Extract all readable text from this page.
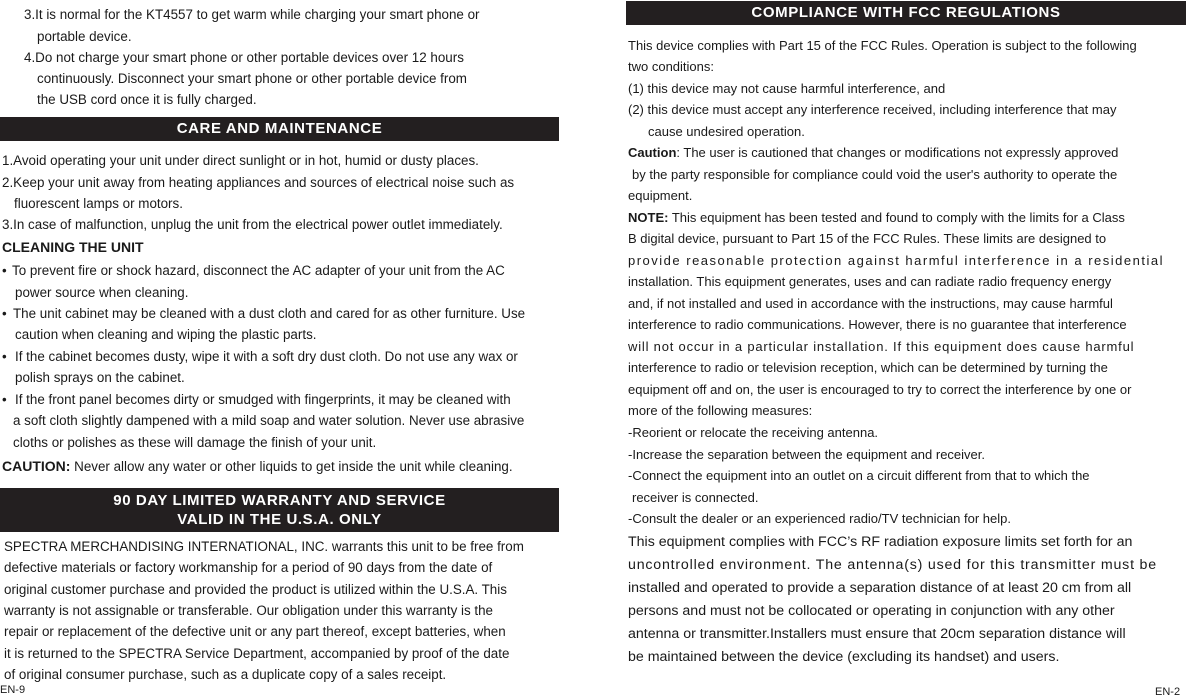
3.It is normal for the KT4557 to get warm while charging your smart phone or
portable device.
4.Do not charge your smart phone or other portable devices over 12 hours
continuously. Disconnect your smart phone or other portable device from
the USB cord once it is fully charged.
CARE AND MAINTENANCE
1.Avoid operating your unit under direct sunlight or in hot, humid or dusty places.
2.Keep your unit away from heating appliances and sources of electrical noise such as
fluorescent lamps or motors.
3.In case of malfunction, unplug the unit from the electrical power outlet immediately.
CLEANING THE UNIT
• To prevent fire or shock hazard, disconnect the AC adapter of your unit from the AC
power source when cleaning.
• The unit cabinet may be cleaned with a dust cloth and cared for as other furniture. Use
caution when cleaning and wiping the plastic parts.
• If the cabinet becomes dusty, wipe it with a soft dry dust cloth. Do not use any wax or
polish sprays on the cabinet.
• If the front panel becomes dirty or smudged with fingerprints, it may be cleaned with
a soft cloth slightly dampened with a mild soap and water solution. Never use abrasive
cloths or polishes as these will damage the finish of your unit.
CAUTION: Never allow any water or other liquids to get inside the unit while cleaning.
90 DAY LIMITED WARRANTY AND SERVICE
VALID IN THE U.S.A. ONLY
SPECTRA MERCHANDISING INTERNATIONAL, INC. warrants this unit to be free from
defective materials or factory workmanship for a period of 90 days from the date of
original customer purchase and provided the product is utilized within the U.S.A. This
warranty is not assignable or transferable. Our obligation under this warranty is the
repair or replacement of the defective unit or any part thereof, except batteries, when
it is returned to the SPECTRA Service Department, accompanied by proof of the date
of original consumer purchase, such as a duplicate copy of a sales receipt.
EN-9
COMPLIANCE WITH FCC REGULATIONS
This device complies with Part 15 of the FCC Rules. Operation is subject to the following
two conditions:
(1) this device may not cause harmful interference, and
(2) this device must accept any interference received, including interference that may
cause undesired operation.
Caution: The user is cautioned that changes or modifications not expressly approved
by the party responsible for compliance could void the user's authority to operate the
equipment.
NOTE: This equipment has been tested and found to comply with the limits for a Class
B digital device, pursuant to Part 15 of the FCC Rules. These limits are designed to
provide reasonable protection against harmful interference in a residential
installation. This equipment generates, uses and can radiate radio frequency energy
and, if not installed and used in accordance with the instructions, may cause harmful
interference to radio communications. However, there is no guarantee that interference
will not occur in a particular installation. If this equipment does cause harmful
interference to radio or television reception, which can be determined by turning the
equipment off and on, the user is encouraged to try to correct the interference by one or
more of the following measures:
-Reorient or relocate the receiving antenna.
-Increase the separation between the equipment and receiver.
-Connect the equipment into an outlet on a circuit different from that to which the
receiver is connected.
-Consult the dealer or an experienced radio/TV technician for help.
This equipment complies with FCC’s RF radiation exposure limits set forth for an
uncontrolled environment. The antenna(s) used for this transmitter must be
installed and operated to provide a separation distance of at least 20 cm from all
persons and must not be collocated or operating in conjunction with any other
antenna or transmitter.Installers must ensure that 20cm separation distance will
be maintained between the device (excluding its handset) and users.
EN-2
